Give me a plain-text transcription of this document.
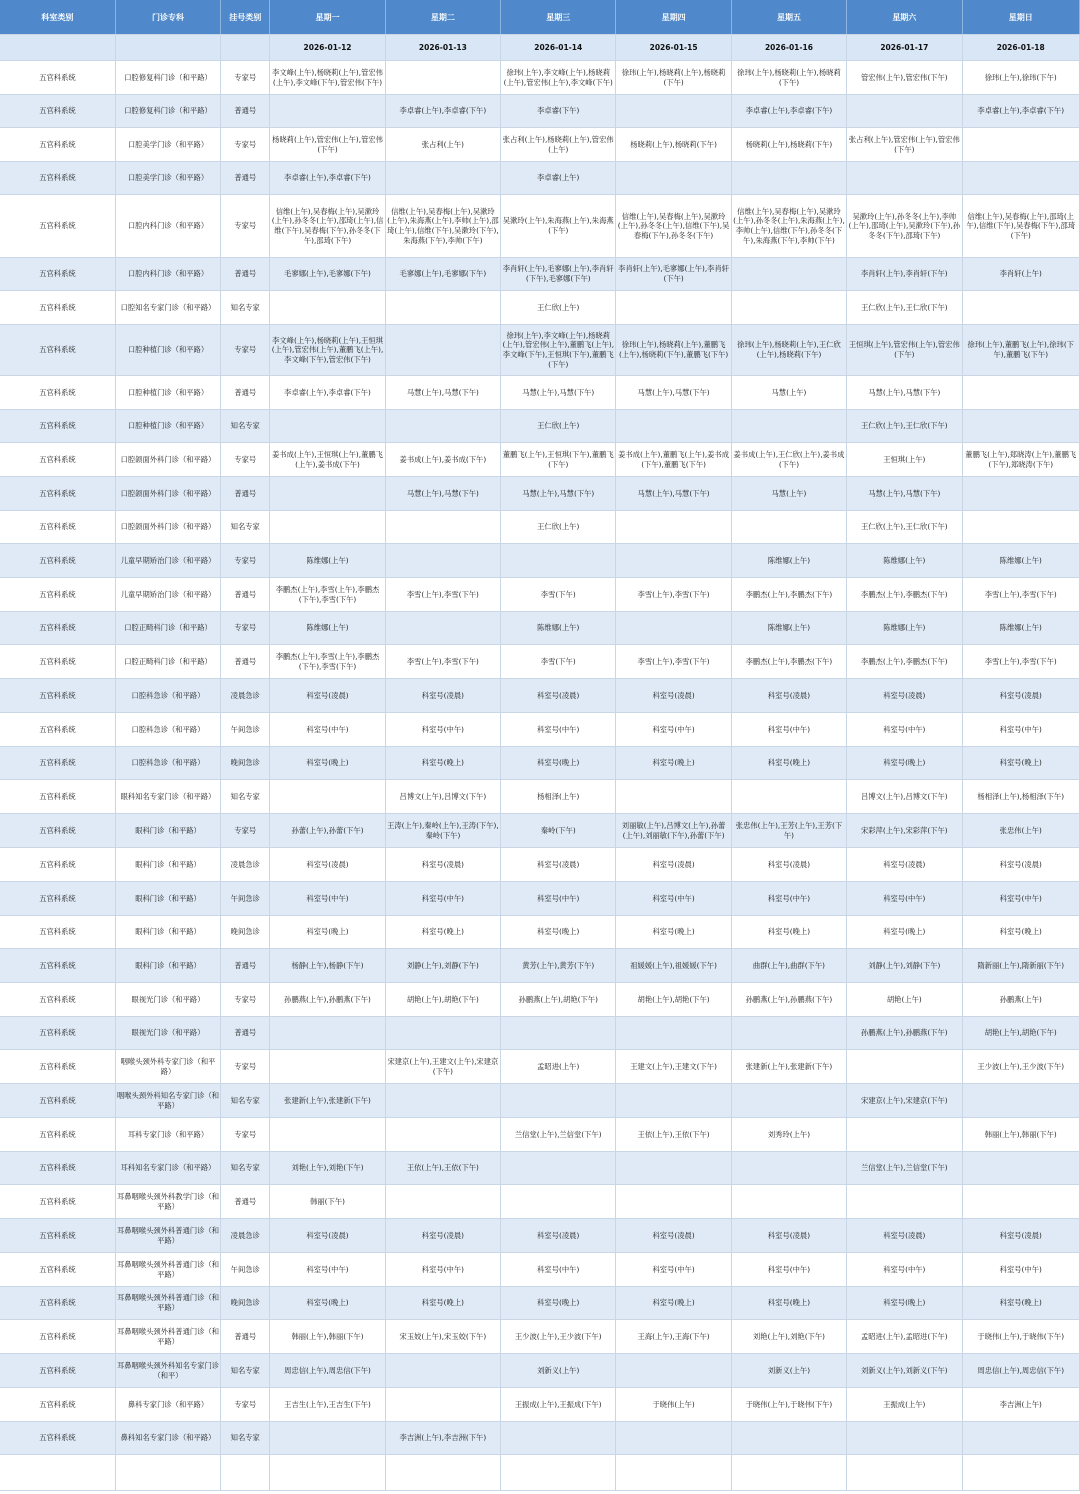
科室类别	门诊专科	挂号类别	星期一	星期二	星期三	星期四	星期五	星期六	星期日
			2026-01-12	2026-01-13	2026-01-14	2026-01-15	2026-01-16	2026-01-17	2026-01-18
五官科系统	口腔修复科门诊（和平路）	专家号	李文峰(上午),杨晓莉(上午),管宏伟(上午),李文峰(下午),管宏伟(下午)		徐玮(上午),李文峰(上午),杨晓莉(上午),管宏伟(上午),李文峰(下午)	徐玮(上午),杨晓莉(上午),杨晓莉(下午)	徐玮(上午),杨晓莉(上午),杨晓莉(下午)	管宏伟(上午),管宏伟(下午)	徐玮(上午),徐玮(下午)
五官科系统	口腔修复科门诊（和平路）	普通号		李卓睿(上午),李卓睿(下午)	李卓睿(下午)		李卓睿(上午),李卓睿(下午)		李卓睿(上午),李卓睿(下午)
五官科系统	口腔美学门诊（和平路）	专家号	杨晓莉(上午),管宏伟(上午),管宏伟(下午)	张占利(上午)	张占利(上午),杨晓莉(上午),管宏伟(上午)	杨晓莉(上午),杨晓莉(下午)	杨晓莉(上午),杨晓莉(下午)	张占利(上午),管宏伟(上午),管宏伟(下午)	
五官科系统	口腔美学门诊（和平路）	普通号	李卓睿(上午),李卓睿(下午)		李卓睿(上午)				
五官科系统	口腔内科门诊（和平路）	专家号	信维(上午),吴春梅(上午),吴漱玲(上午),孙冬冬(上午),邵琦(上午),信维(下午),吴春梅(下午),孙冬冬(下午),邵琦(下午)	信维(上午),吴春梅(上午),吴漱玲(上午),朱海燕(上午),李帅(上午),邵琦(上午),信维(下午),吴漱玲(下午),朱海燕(下午),李帅(下午)	吴漱玲(上午),朱海燕(上午),朱海燕(下午)	信维(上午),吴春梅(上午),吴漱玲(上午),孙冬冬(上午),信维(下午),吴春梅(下午),孙冬冬(下午)	信维(上午),吴春梅(上午),吴漱玲(上午),孙冬冬(上午),朱海燕(上午),李帅(上午),信维(下午),孙冬冬(下午),朱海燕(下午),李帅(下午)	吴漱玲(上午),孙冬冬(上午),李帅(上午),邵琦(上午),吴漱玲(下午),孙冬冬(下午),邵琦(下午)	信维(上午),吴春梅(上午),邵琦(上午),信维(下午),吴春梅(下午),邵琦(下午)
五官科系统	口腔内科门诊（和平路）	普通号	毛寥娜(上午),毛寥娜(下午)	毛寥娜(上午),毛寥娜(下午)	李肖轩(上午),毛寥娜(上午),李肖轩(下午),毛寥娜(下午)	李肖轩(上午),毛寥娜(上午),李肖轩(下午)		李肖轩(上午),李肖轩(下午)	李肖轩(上午)
五官科系统	口腔知名专家门诊（和平路）	知名专家			王仁欣(上午)			王仁欣(上午),王仁欣(下午)	
五官科系统	口腔种植门诊（和平路）	专家号	李文峰(上午),杨晓莉(上午),王恒琪(上午),管宏伟(上午),董鹏飞(上午),李文峰(下午),管宏伟(下午)		徐玮(上午),李文峰(上午),杨晓莉(上午),管宏伟(上午),董鹏飞(上午),李文峰(下午),王恒琪(下午),董鹏飞(下午)	徐玮(上午),杨晓莉(上午),董鹏飞(上午),杨晓莉(下午),董鹏飞(下午)	徐玮(上午),杨晓莉(上午),王仁欣(上午),杨晓莉(下午)	王恒琪(上午),管宏伟(上午),管宏伟(下午)	徐玮(上午),董鹏飞(上午),徐玮(下午),董鹏飞(下午)
五官科系统	口腔种植门诊（和平路）	普通号	李卓睿(上午),李卓睿(下午)	马慧(上午),马慧(下午)	马慧(上午),马慧(下午)	马慧(上午),马慧(下午)	马慧(上午)	马慧(上午),马慧(下午)	
五官科系统	口腔种植门诊（和平路）	知名专家			王仁欣(上午)			王仁欣(上午),王仁欣(下午)	
五官科系统	口腔颌面外科门诊（和平路）	专家号	姜书成(上午),王恒琪(上午),董鹏飞(上午),姜书成(下午)	姜书成(上午),姜书成(下午)	董鹏飞(上午),王恒琪(下午),董鹏飞(下午)	姜书成(上午),董鹏飞(上午),姜书成(下午),董鹏飞(下午)	姜书成(上午),王仁欣(上午),姜书成(下午)	王恒琪(上午)	董鹏飞(上午),郑晓涛(上午),董鹏飞(下午),郑晓涛(下午)
五官科系统	口腔颌面外科门诊（和平路）	普通号		马慧(上午),马慧(下午)	马慧(上午),马慧(下午)	马慧(上午),马慧(下午)	马慧(上午)	马慧(上午),马慧(下午)	
五官科系统	口腔颌面外科门诊（和平路）	知名专家			王仁欣(上午)			王仁欣(上午),王仁欣(下午)	
五官科系统	儿童早期矫治门诊（和平路）	专家号	陈维娜(上午)				陈维娜(上午)	陈维娜(上午)	陈维娜(上午)
五官科系统	儿童早期矫治门诊（和平路）	普通号	李鹏杰(上午),李雪(上午),李鹏杰(下午),李雪(下午)	李雪(上午),李雪(下午)	李雪(下午)	李雪(上午),李雪(下午)	李鹏杰(上午),李鹏杰(下午)	李鹏杰(上午),李鹏杰(下午)	李雪(上午),李雪(下午)
五官科系统	口腔正畸科门诊（和平路）	专家号	陈维娜(上午)		陈维娜(上午)		陈维娜(上午)	陈维娜(上午)	陈维娜(上午)
五官科系统	口腔正畸科门诊（和平路）	普通号	李鹏杰(上午),李雪(上午),李鹏杰(下午),李雪(下午)	李雪(上午),李雪(下午)	李雪(下午)	李雪(上午),李雪(下午)	李鹏杰(上午),李鹏杰(下午)	李鹏杰(上午),李鹏杰(下午)	李雪(上午),李雪(下午)
五官科系统	口腔科急诊（和平路）	凌晨急诊	科室号(凌晨)	科室号(凌晨)	科室号(凌晨)	科室号(凌晨)	科室号(凌晨)	科室号(凌晨)	科室号(凌晨)
五官科系统	口腔科急诊（和平路）	午间急诊	科室号(中午)	科室号(中午)	科室号(中午)	科室号(中午)	科室号(中午)	科室号(中午)	科室号(中午)
五官科系统	口腔科急诊（和平路）	晚间急诊	科室号(晚上)	科室号(晚上)	科室号(晚上)	科室号(晚上)	科室号(晚上)	科室号(晚上)	科室号(晚上)
五官科系统	眼科知名专家门诊（和平路）	知名专家		吕博文(上午),吕博文(下午)	杨相泽(上午)			吕博文(上午),吕博文(下午)	杨相泽(上午),杨相泽(下午)
五官科系统	眼科门诊（和平路）	专家号	孙蕾(上午),孙蕾(下午)	王涛(上午),秦岭(上午),王涛(下午),秦岭(下午)	秦岭(下午)	刘丽敏(上午),吕博文(上午),孙蕾(上午),刘丽敏(下午),孙蕾(下午)	张忠伟(上午),王芳(上午),王芳(下午)	宋彩萍(上午),宋彩萍(下午)	张忠伟(上午)
五官科系统	眼科门诊（和平路）	凌晨急诊	科室号(凌晨)	科室号(凌晨)	科室号(凌晨)	科室号(凌晨)	科室号(凌晨)	科室号(凌晨)	科室号(凌晨)
五官科系统	眼科门诊（和平路）	午间急诊	科室号(中午)	科室号(中午)	科室号(中午)	科室号(中午)	科室号(中午)	科室号(中午)	科室号(中午)
五官科系统	眼科门诊（和平路）	晚间急诊	科室号(晚上)	科室号(晚上)	科室号(晚上)	科室号(晚上)	科室号(晚上)	科室号(晚上)	科室号(晚上)
五官科系统	眼科门诊（和平路）	普通号	杨静(上午),杨静(下午)	刘静(上午),刘静(下午)	黄芳(上午),黄芳(下午)	祖媛媛(上午),祖媛媛(下午)	曲群(上午),曲群(下午)	刘静(上午),刘静(下午)	隋新丽(上午),隋新丽(下午)
五官科系统	眼视光门诊（和平路）	专家号	孙鹏燕(上午),孙鹏燕(下午)	胡艳(上午),胡艳(下午)	孙鹏燕(上午),胡艳(下午)	胡艳(上午),胡艳(下午)	孙鹏燕(上午),孙鹏燕(下午)	胡艳(上午)	孙鹏燕(上午)
五官科系统	眼视光门诊（和平路）	普通号						孙鹏燕(上午),孙鹏燕(下午)	胡艳(上午),胡艳(下午)
五官科系统	咽喉头颈外科专家门诊（和平路）	专家号		宋建京(上午),王建文(上午),宋建京(下午)	孟昭进(上午)	王建文(上午),王建文(下午)	张建新(上午),张建新(下午)		王少波(上午),王少波(下午)
五官科系统	咽喉头颈外科知名专家门诊（和平路）	知名专家	张建新(上午),张建新(下午)					宋建京(上午),宋建京(下午)	
五官科系统	耳科专家门诊（和平路）	专家号			兰信堂(上午),兰信堂(下午)	王依(上午),王依(下午)	刘秀玲(上午)		韩丽(上午),韩丽(下午)
五官科系统	耳科知名专家门诊（和平路）	知名专家	刘艳(上午),刘艳(下午)	王依(上午),王依(下午)				兰信堂(上午),兰信堂(下午)	
五官科系统	耳鼻咽喉头颈外科教学门诊（和平路）	普通号	韩丽(下午)						
五官科系统	耳鼻咽喉头颈外科普通门诊（和平路）	凌晨急诊	科室号(凌晨)	科室号(凌晨)	科室号(凌晨)	科室号(凌晨)	科室号(凌晨)	科室号(凌晨)	科室号(凌晨)
五官科系统	耳鼻咽喉头颈外科普通门诊（和平路）	午间急诊	科室号(中午)	科室号(中午)	科室号(中午)	科室号(中午)	科室号(中午)	科室号(中午)	科室号(中午)
五官科系统	耳鼻咽喉头颈外科普通门诊（和平路）	晚间急诊	科室号(晚上)	科室号(晚上)	科室号(晚上)	科室号(晚上)	科室号(晚上)	科室号(晚上)	科室号(晚上)
五官科系统	耳鼻咽喉头颈外科普通门诊（和平路）	普通号	韩丽(上午),韩丽(下午)	宋玉姣(上午),宋玉姣(下午)	王少波(上午),王少波(下午)	王海(上午),王海(下午)	刘艳(上午),刘艳(下午)	孟昭进(上午),孟昭进(下午)	于晓伟(上午),于晓伟(下午)
五官科系统	耳鼻咽喉头颈外科知名专家门诊（和平）	知名专家	周忠信(上午),周忠信(下午)		刘新义(上午)		刘新义(上午)	刘新义(上午),刘新义(下午)	周忠信(上午),周忠信(下午)
五官科系统	鼻科专家门诊（和平路）	专家号	王吉生(上午),王吉生(下午)		王振成(上午),王振成(下午)	于晓伟(上午)	于晓伟(上午),于晓伟(下午)	王振成(上午)	李吉洲(上午)
五官科系统	鼻科知名专家门诊（和平路）	知名专家		李吉洲(上午),李吉洲(下午)					
